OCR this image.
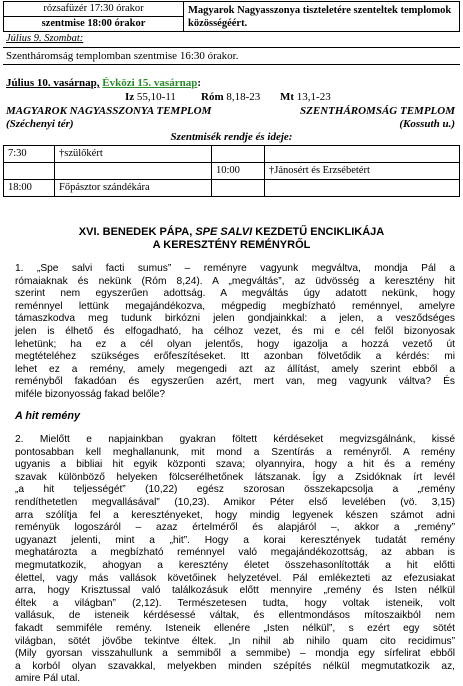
rózsafüzér 17:30 órakor	Magyarok Nagyasszonya tiszteletére szenteltek templomok közösségéért.
szentmise 18:00 órakor
Július 9. Szombat:
Szentháromság templomban szentmise 16:30 órakor.
Július 10. vasárnap, Évközi 15. vasárnap:
Iz 55,10-11 Róm 8,18-23 Mt 13,1-23
MAGYAROK NAGYASSZONYA TEMPLOM
(Széchenyi tér)
SZENTHÁROMSÁG TEMPLOM
(Kossuth u.)
Szentmisék rendje és ideje:
7:30	†szülőkért		
		10:00	†Jánosért és Erzsébetért
18:00	Főpásztor szándékára		
XVI. BENEDEK PÁPA, SPE SALVI KEZDETŰ ENCIKLIKÁJA
A KERESZTÉNY REMÉNYRŐL
1. „Spe salvi facti sumus” – reményre vagyunk megváltva, mondja Pál a
rómaiaknak és nekünk (Róm 8,24). A „megváltás”, az üdvösség a keresztény hit
szerint nem egyszerűen adottság. A megváltás úgy adatott nekünk, hogy
reménnyel lettünk megajándékozva, mégpedig megbízható reménnyel, amelyre
támaszkodva meg tudunk birkózni jelen gondjainkkal: a jelen, a vesződséges
jelen is élhető és elfogadható, ha célhoz vezet, és mi e cél felől bizonyosak
lehetünk; ha ez a cél olyan jelentős, hogy igazolja a hozzá vezető út
megtételéhez szükséges erőfeszítéseket. Itt azonban fölvetődik a kérdés: mi
lehet ez a remény, amely megengedi azt az állítást, amely szerint ebből a
reményből fakadóan és egyszerűen azért, mert van, meg vagyunk váltva? És
miféle bizonyosság fakad belőle?
A hit remény
2. Mielőtt e napjainkban gyakran föltett kérdéseket megvizsgálnánk, kissé
pontosabban kell meghallanunk, mit mond a Szentírás a reményről. A remény
ugyanis a bibliai hit egyik központi szava; olyannyira, hogy a hit és a remény
szavak különböző helyeken fölcserélhetőnek látszanak. Így a Zsidóknak írt levél
„a hit teljességét” (10,22) egész szorosan összekapcsolja a „remény
rendíthetetlen megvallásával” (10,23). Amikor Péter első levelében (vö. 3,15)
arra szólítja fel a keresztényeket, hogy mindig legyenek készen számot adni
reményük logoszáról – azaz értelméről és alapjáról –, akkor a „remény”
ugyanazt jelenti, mint a „hit”. Hogy a korai keresztények tudatát remény
meghatározta a megbízható reménnyel való megajándékozottság, az abban is
megmutatkozik, ahogyan a keresztény életet összehasonlították a hit előtti
élettel, vagy más vallások követőinek helyzetével. Pál emlékezteti az efezusiakat
arra, hogy Krisztussal való találkozásuk előtt mennyire „remény és Isten nélkül
éltek a világban” (2,12). Természetesen tudta, hogy voltak isteneik, volt
vallásuk, de isteneik kérdésessé váltak, és ellentmondásos mítoszaikból nem
fakadt semmiféle remény. Isteneik ellenére „Isten nélkül”, s ezért egy sötét
világban, sötét jövőbe tekintve éltek. „In nihil ab nihilo quam cito recidimus”
(Mily gyorsan visszahullunk a semmiből a semmibe) – mondja egy sírfelirat ebből
a korból olyan szavakkal, melyekben minden szépítés nélkül megmutatkozik az,
amire Pál utal.
